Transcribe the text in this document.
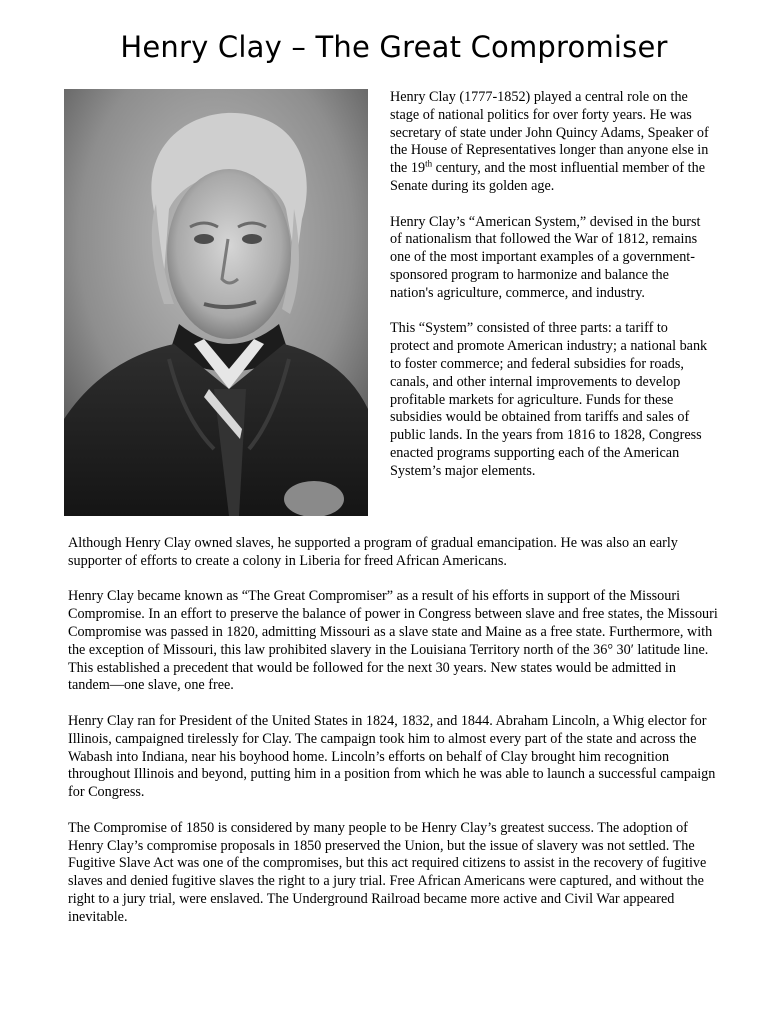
Henry Clay – The Great Compromiser

Henry Clay (1777-1852) played a central role on the stage of national politics for over forty years. He was secretary of state under John Quincy Adams, Speaker of the House of Representatives longer than anyone else in the 19th century, and the most influential member of the Senate during its golden age.

Henry Clay’s “American System,” devised in the burst of nationalism that followed the War of 1812, remains one of the most important examples of a government-sponsored program to harmonize and balance the nation's agriculture, commerce, and industry.

This “System” consisted of three parts: a tariff to protect and promote American industry; a national bank to foster commerce; and federal subsidies for roads, canals, and other internal improvements to develop profitable markets for agriculture. Funds for these subsidies would be obtained from tariffs and sales of public lands. In the years from 1816 to 1828, Congress enacted programs supporting each of the American System’s major elements.

Although Henry Clay owned slaves, he supported a program of gradual emancipation. He was also an early supporter of efforts to create a colony in Liberia for freed African Americans.

Henry Clay became known as “The Great Compromiser” as a result of his efforts in support of the Missouri Compromise. In an effort to preserve the balance of power in Congress between slave and free states, the Missouri Compromise was passed in 1820, admitting Missouri as a slave state and Maine as a free state. Furthermore, with the exception of Missouri, this law prohibited slavery in the Louisiana Territory north of the 36° 30′ latitude line. This established a precedent that would be followed for the next 30 years. New states would be admitted in tandem—one slave, one free.

Henry Clay ran for President of the United States in 1824, 1832, and 1844. Abraham Lincoln, a Whig elector for Illinois, campaigned tirelessly for Clay. The campaign took him to almost every part of the state and across the Wabash into Indiana, near his boyhood home. Lincoln’s efforts on behalf of Clay brought him recognition throughout Illinois and beyond, putting him in a position from which he was able to launch a successful campaign for Congress.

The Compromise of 1850 is considered by many people to be Henry Clay’s greatest success. The adoption of Henry Clay’s compromise proposals in 1850 preserved the Union, but the issue of slavery was not settled. The Fugitive Slave Act was one of the compromises, but this act required citizens to assist in the recovery of fugitive slaves and denied fugitive slaves the right to a jury trial. Free African Americans were captured, and without the right to a jury trial, were enslaved. The Underground Railroad became more active and Civil War appeared inevitable.
